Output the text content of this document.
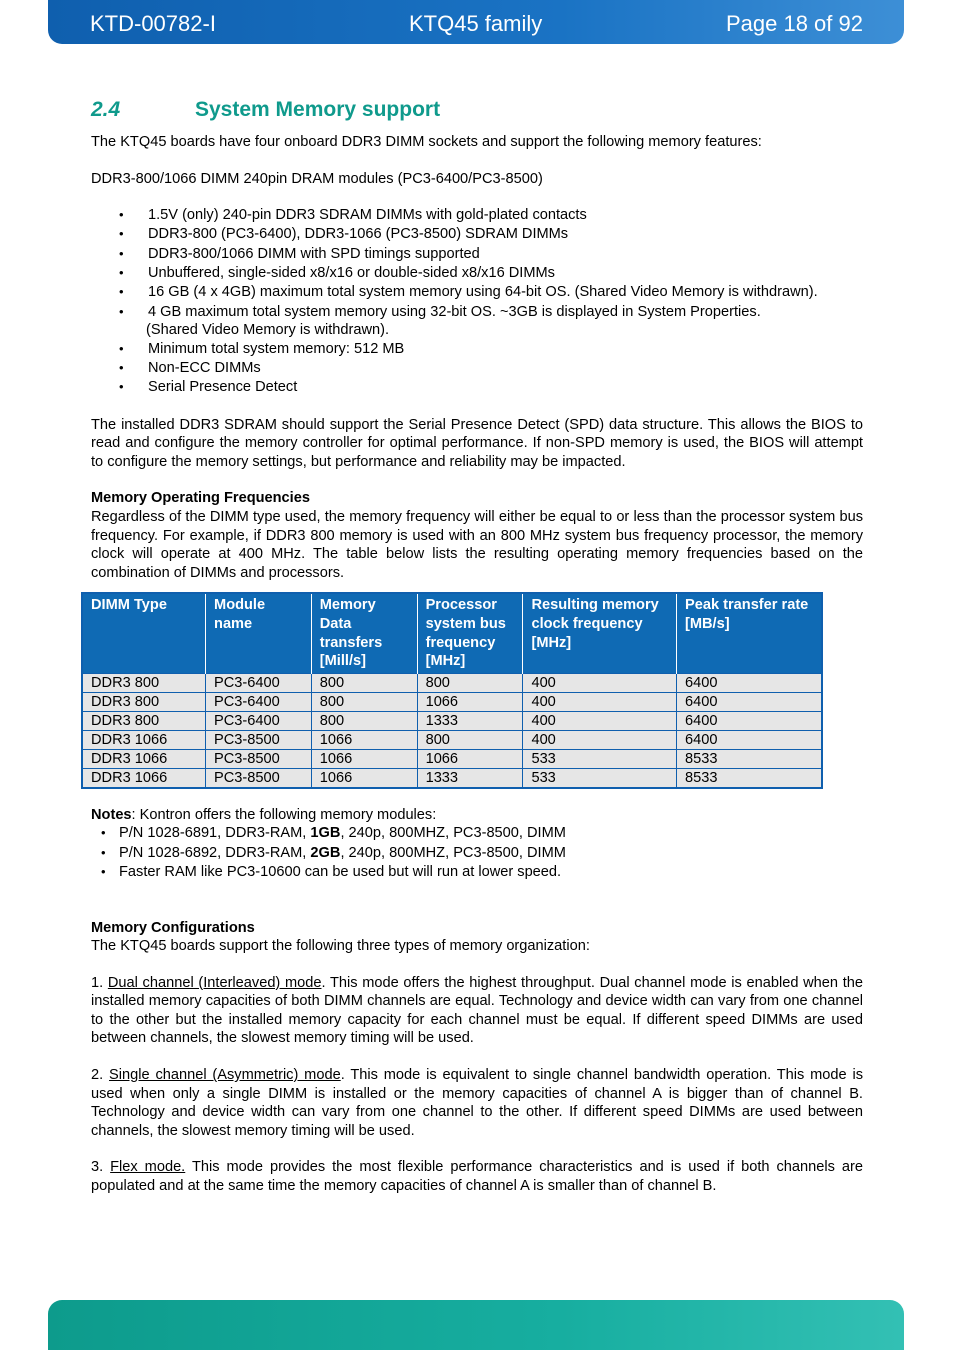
KTD-00782-I	KTQ45 family	Page 18 of 92
2.4	System Memory support

The KTQ45 boards have four onboard DDR3 DIMM sockets and support the following memory features:

DDR3-800/1066 DIMM 240pin DRAM modules (PC3-6400/PC3-8500)

• 1.5V (only) 240-pin DDR3 SDRAM DIMMs with gold-plated contacts
• DDR3-800 (PC3-6400), DDR3-1066 (PC3-8500) SDRAM DIMMs
• DDR3-800/1066 DIMM with SPD timings supported
• Unbuffered, single-sided x8/x16 or double-sided x8/x16 DIMMs
• 16 GB (4 x 4GB) maximum total system memory using 64-bit OS. (Shared Video Memory is withdrawn).
• 4 GB maximum total system memory using 32-bit OS. ~3GB is displayed in System Properties.
(Shared Video Memory is withdrawn).
• Minimum total system memory: 512 MB
• Non-ECC DIMMs
• Serial Presence Detect

The installed DDR3 SDRAM should support the Serial Presence Detect (SPD) data structure. This allows the BIOS to read and configure the memory controller for optimal performance. If non-SPD memory is used, the BIOS will attempt to configure the memory settings, but performance and reliability may be impacted.

Memory Operating Frequencies

Regardless of the DIMM type used, the memory frequency will either be equal to or less than the processor system bus frequency. For example, if DDR3 800 memory is used with an 800 MHz system bus frequency processor, the memory clock will operate at 400 MHz. The table below lists the resulting operating memory frequencies based on the combination of DIMMs and processors.

DIMM Type	Module name	Memory Data transfers [Mill/s]	Processor system bus frequency [MHz]	Resulting memory clock frequency [MHz]	Peak transfer rate [MB/s]
DDR3 800	PC3-6400	800	800	400	6400
DDR3 800	PC3-6400	800	1066	400	6400
DDR3 800	PC3-6400	800	1333	400	6400
DDR3 1066	PC3-8500	1066	800	400	6400
DDR3 1066	PC3-8500	1066	1066	533	8533
DDR3 1066	PC3-8500	1066	1333	533	8533

Notes: Kontron offers the following memory modules:

• P/N 1028-6891, DDR3-RAM, 1GB, 240p, 800MHZ, PC3-8500, DIMM
• P/N 1028-6892, DDR3-RAM, 2GB, 240p, 800MHZ, PC3-8500, DIMM
• Faster RAM like PC3-10600 can be used but will run at lower speed.

Memory Configurations

The KTQ45 boards support the following three types of memory organization:

1. Dual channel (Interleaved) mode. This mode offers the highest throughput. Dual channel mode is enabled when the installed memory capacities of both DIMM channels are equal. Technology and device width can vary from one channel to the other but the installed memory capacity for each channel must be equal. If different speed DIMMs are used between channels, the slowest memory timing will be used.

2. Single channel (Asymmetric) mode. This mode is equivalent to single channel bandwidth operation. This mode is used when only a single DIMM is installed or the memory capacities of channel A is bigger than of channel B. Technology and device width can vary from one channel to the other. If different speed DIMMs are used between channels, the slowest memory timing will be used.

3. Flex mode. This mode provides the most flexible performance characteristics and is used if both channels are populated and at the same time the memory capacities of channel A is smaller than of channel B.
